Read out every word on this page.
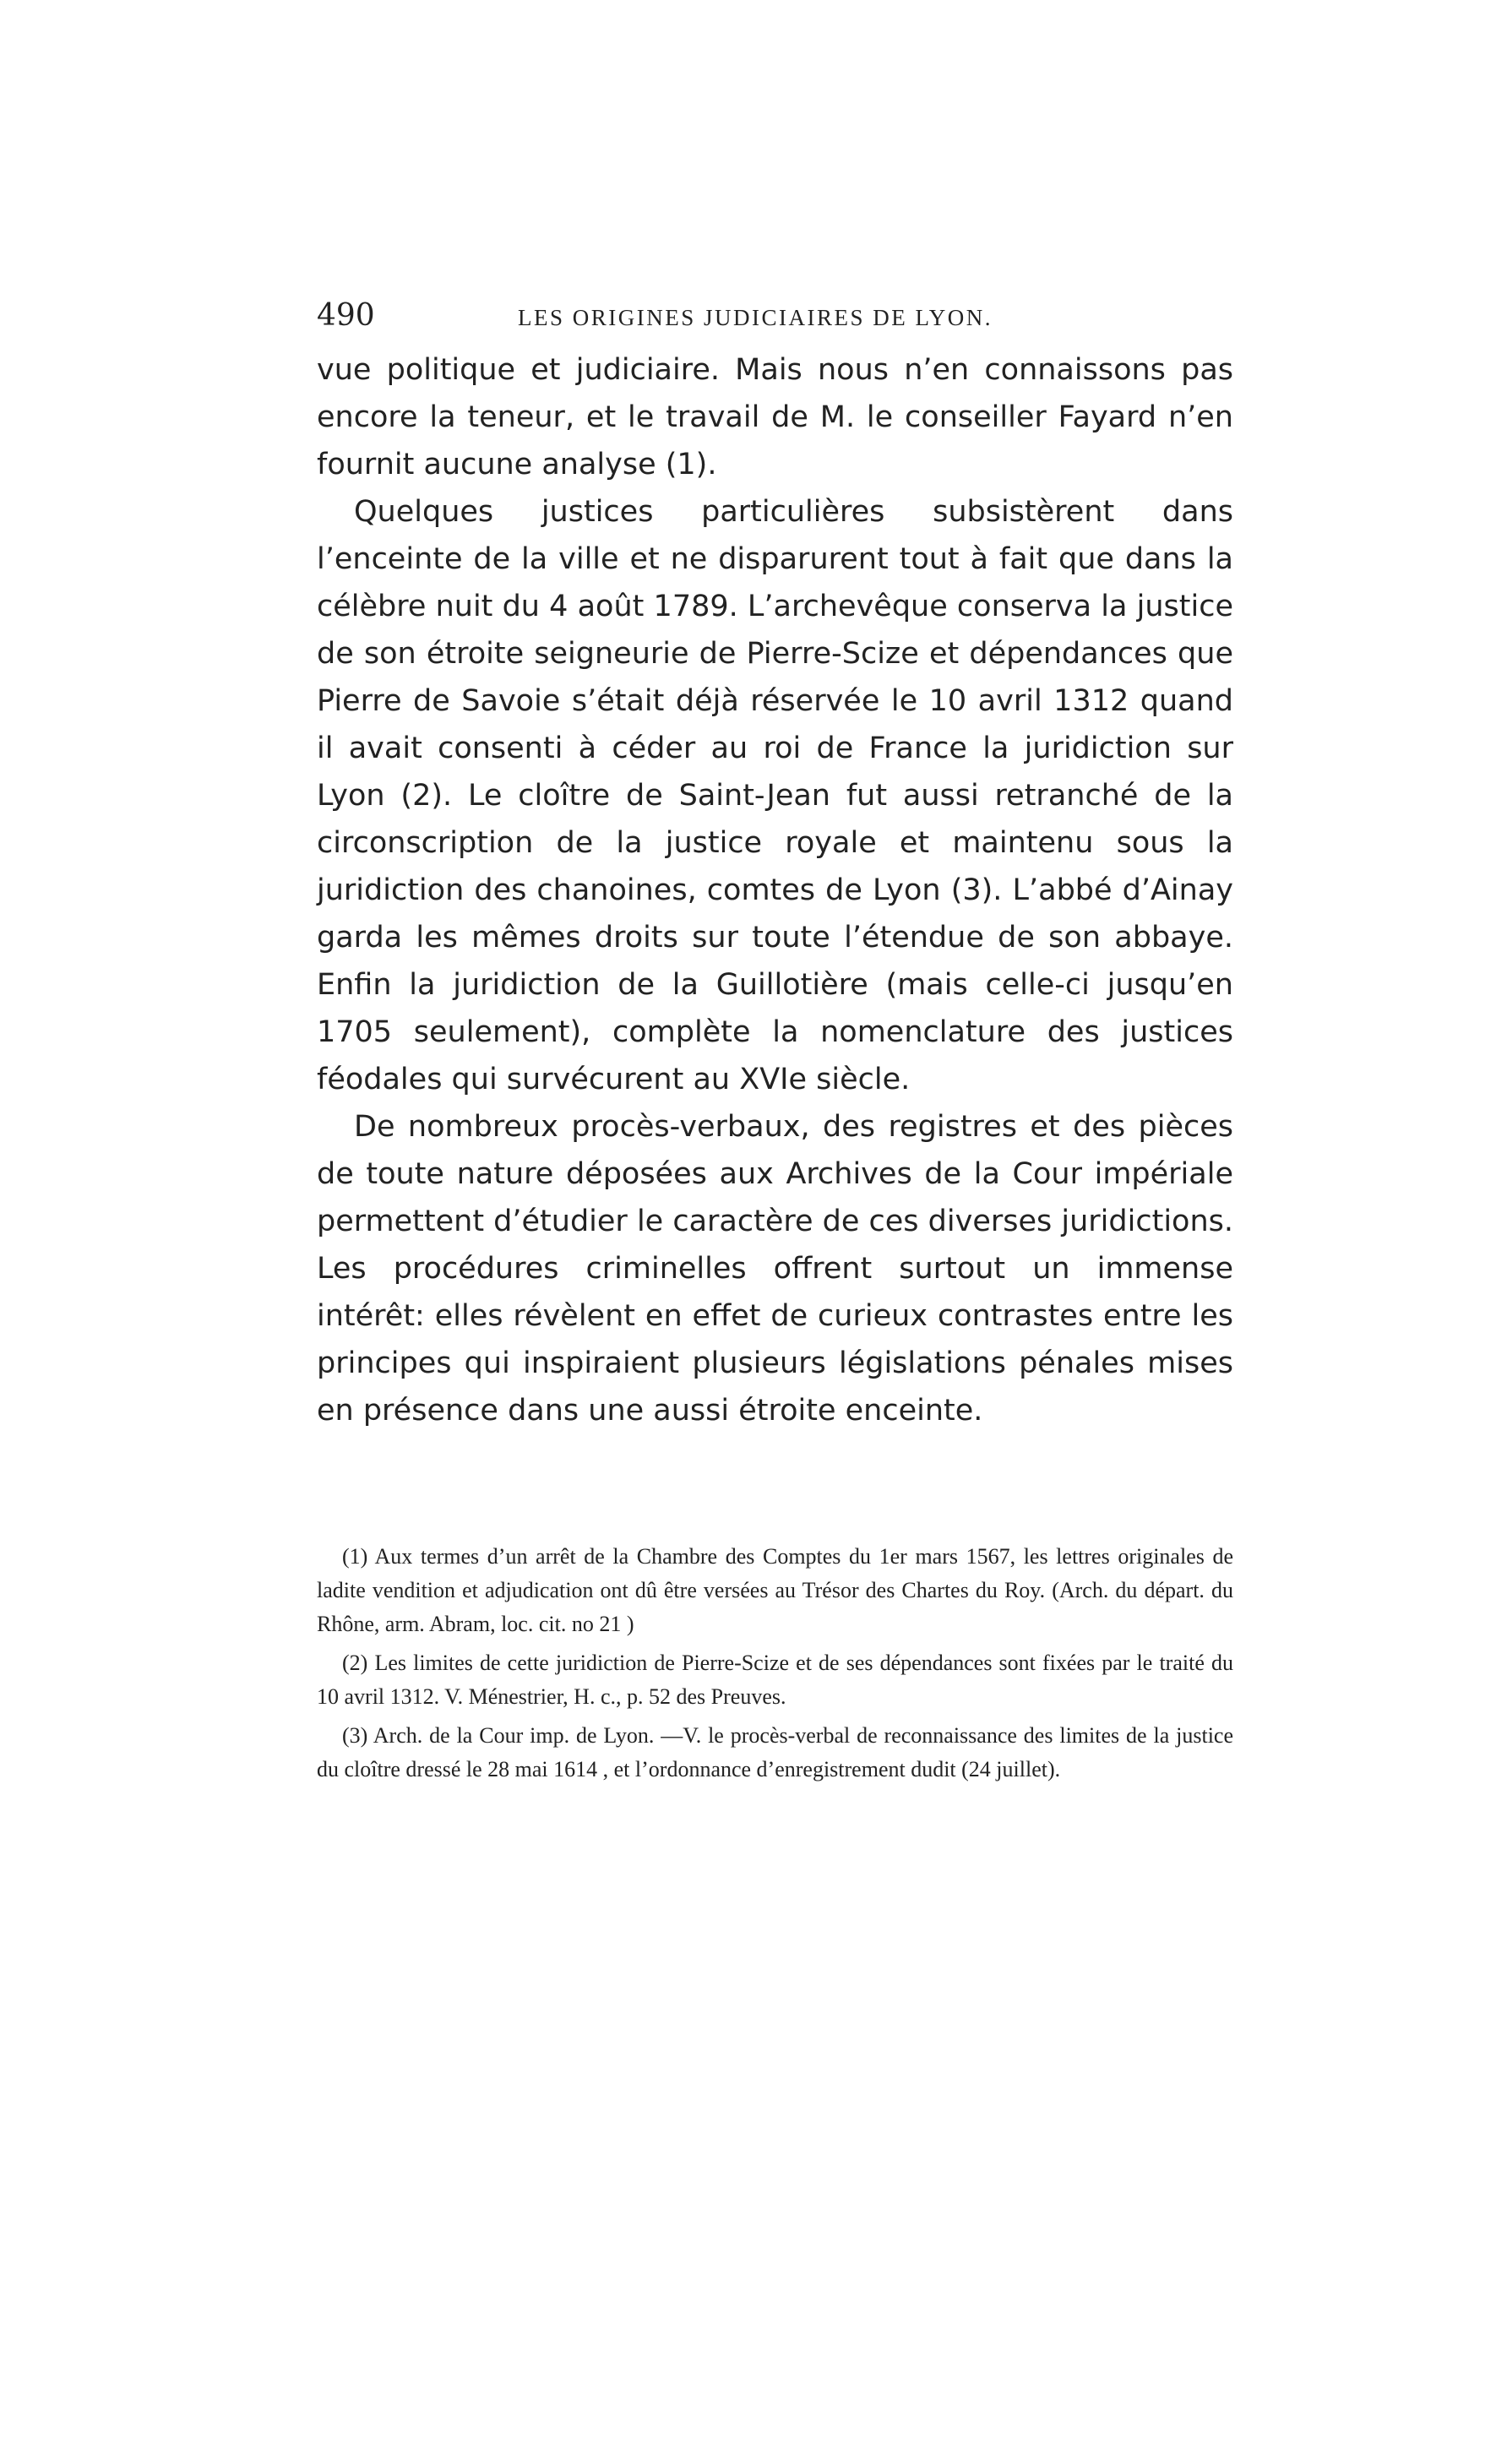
490	LES ORIGINES JUDICIAIRES DE LYON.

vue politique et judiciaire. Mais nous n’en connaissons pas encore la teneur, et le travail de M. le conseiller Fayard n’en fournit aucune analyse (1).

Quelques justices particulières subsistèrent dans l’enceinte de la ville et ne disparurent tout à fait que dans la célèbre nuit du 4 août 1789. L’archevêque conserva la justice de son étroite seigneurie de Pierre-Scize et dépendances que Pierre de Savoie s’était déjà réservée le 10 avril 1312 quand il avait consenti à céder au roi de France la juridiction sur Lyon (2). Le cloître de Saint-Jean fut aussi retranché de la circonscription de la justice royale et maintenu sous la juridiction des chanoines, comtes de Lyon (3). L’abbé d’Ainay garda les mêmes droits sur toute l’étendue de son abbaye. Enfin la juridiction de la Guillotière (mais celle-ci jusqu’en 1705 seulement), complète la nomenclature des justices féodales qui survécurent au XVIe siècle.

De nombreux procès-verbaux, des registres et des pièces de toute nature déposées aux Archives de la Cour impériale permettent d’étudier le caractère de ces diverses juridictions. Les procédures criminelles offrent surtout un immense intérêt: elles révèlent en effet de curieux contrastes entre les principes qui inspiraient plusieurs législations pénales mises en présence dans une aussi étroite enceinte.

(1) Aux termes d’un arrêt de la Chambre des Comptes du 1er mars 1567, les lettres originales de ladite vendition et adjudication ont dû être versées au Trésor des Chartes du Roy. (Arch. du départ. du Rhône, arm. Abram, loc. cit. no 21 )

(2) Les limites de cette juridiction de Pierre-Scize et de ses dépendances sont fixées par le traité du 10 avril 1312. V. Ménestrier, H. c., p. 52 des Preuves.

(3) Arch. de la Cour imp. de Lyon. —V. le procès-verbal de reconnaissance des limites de la justice du cloître dressé le 28 mai 1614 , et l’ordonnance d’enregistrement dudit (24 juillet).
